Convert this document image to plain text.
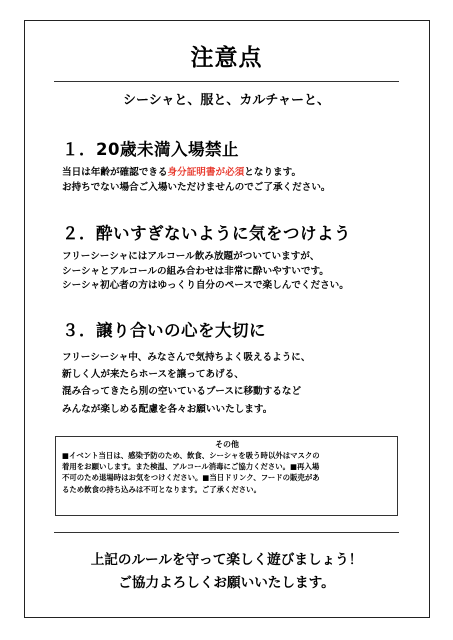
注意点
シーシャと、服と、カルチャーと、
１．20歳未満入場禁止
当日は年齢が確認できる身分証明書が必須となります。
お持ちでない場合ご入場いただけませんのでご了承ください。
２．酔いすぎないように気をつけよう
フリーシーシャにはアルコール飲み放題がついていますが、
シーシャとアルコールの組み合わせは非常に酔いやすいです。
シーシャ初心者の方はゆっくり自分のペースで楽しんでください。
３．譲り合いの心を大切に
フリーシーシャ中、みなさんで気持ちよく吸えるように、
新しく人が来たらホースを譲ってあげる、
混み合ってきたら別の空いているブースに移動するなど
みんなが楽しめる配慮を各々お願いいたします。
その他
■イベント当日は、感染予防のため、飲食、シーシャを吸う時以外はマスクの
着用をお願いします。また検温、アルコール消毒にご協力ください。■再入場
不可のため退場時はお気をつけください。■当日ドリンク、フードの販売があ
るため飲食の持ち込みは不可となります。ご了承ください。
上記のルールを守って楽しく遊びましょう！
ご協力よろしくお願いいたします。
